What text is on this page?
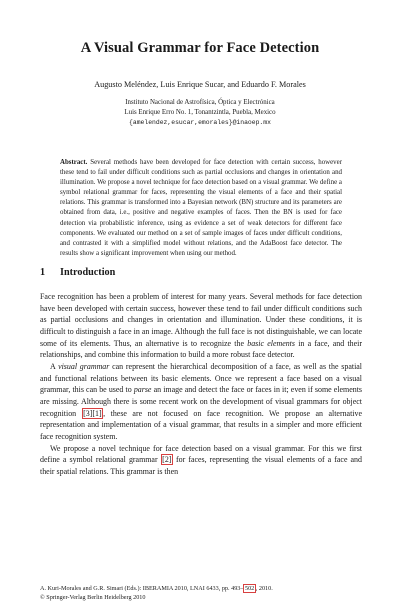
A Visual Grammar for Face Detection
Augusto Meléndez, Luis Enrique Sucar, and Eduardo F. Morales
Instituto Nacional de Astrofísica, Óptica y Electrónica
Luis Enrique Erro No. 1, Tonantzintla, Puebla, Mexico
{amelendez,esucar,emorales}@inaoep.mx
Abstract. Several methods have been developed for face detection with certain success, however these tend to fail under difficult conditions such as partial occlusions and changes in orientation and illumination. We propose a novel technique for face detection based on a visual grammar. We define a symbol relational grammar for faces, representing the visual elements of a face and their spatial relations. This grammar is transformed into a Bayesian network (BN) structure and its parameters are obtained from data, i.e., positive and negative examples of faces. Then the BN is used for face detection via probabilistic inference, using as evidence a set of weak detectors for different face components. We evaluated our method on a set of sample images of faces under difficult conditions, and contrasted it with a simplified model without relations, and the AdaBoost face detector. The results show a significant improvement when using our method.
1 Introduction

Face recognition has been a problem of interest for many years. Several methods for face detection have been developed with certain success, however these tend to fail under difficult conditions such as partial occlusions and changes in orientation and illumination. Under these conditions, it is difficult to distinguish a face in an image. Although the full face is not distinguishable, we can locate some of its elements. Thus, an alternative is to recognize the basic elements in a face, and their relationships, and combine this information to build a more robust face detector.

A visual grammar can represent the hierarchical decomposition of a face, as well as the spatial and functional relations between its basic elements. Once we represent a face based on a visual grammar, this can be used to parse an image and detect the face or faces in it; even if some elements are missing. Although there is some recent work on the development of visual grammars for object recognition [3][1] , these are not focused on face recognition. We propose an alternative representation and implementation of a visual grammar, that results in a simpler and more efficient face recognition system.

We propose a novel technique for face detection based on a visual grammar. For this we first define a symbol relational grammar [2] for faces, representing the visual elements of a face and their spatial relations. This grammar is then

A. Kuri-Morales and G.R. Simari (Eds.): IBERAMIA 2010, LNAI 6433, pp. 493– 502 , 2010.
© Springer-Verlag Berlin Heidelberg 2010
